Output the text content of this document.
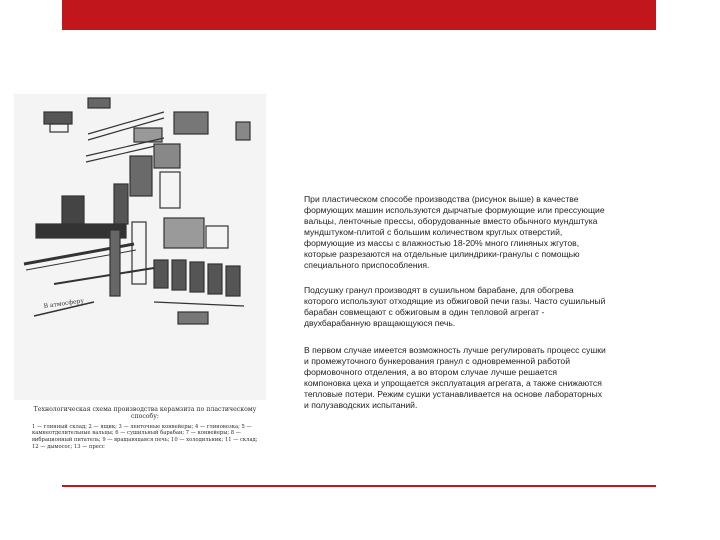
В атмосферу
Технологическая схема производства керамзита по пластическому способу:
1 — глинный склад; 2 — ящик; 3 — ленточные конвейеры; 4 — глиновозка; 5 — камнеотделительные вальцы; 6 — сушильный барабан; 7 — конвейеры; 8 — вибрационный питатель; 9 — вращающаяся печь; 10 — холодильник; 11 — склад; 12 — дымосос; 13 — пресс

При пластическом способе производства (рисунок выше) в качестве формующих машин используются дырчатые формующие или прессующие вальцы, ленточные прессы, оборудованные вместо обычного мундштука мундштуком-плитой с большим количеством круглых отверстий, формующие из массы с влажностью 18-20% много глиняных жгутов, которые разрезаются на отдельные цилиндрики-гранулы с помощью специального приспособления.

Подсушку гранул производят в сушильном барабане, для обогрева которого используют отходящие из обжиговой печи газы. Часто сушильный барабан совмещают с обжиговым в один тепловой агрегат - двухбарабанную вращающуюся печь.

В первом случае имеется возможность лучше регулировать процесс сушки и промежуточного бункерования гранул с одновременной работой формовочного отделения, а во втором случае лучше решается компоновка цеха и упрощается эксплуатация агрегата, а также снижаются тепловые потери. Режим сушки устанавливается на основе лабораторных и полузаводских испытаний.
